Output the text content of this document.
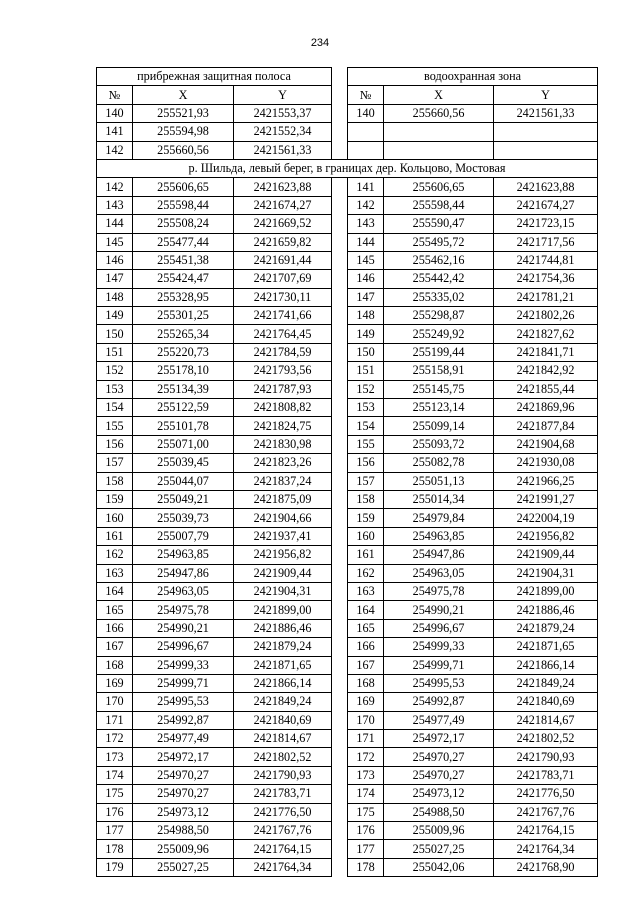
234
прибрежная защитная полоса				водоохранная зона		
№	X	Y		№	X	Y
140	255521,93	2421553,37		140	255660,56	2421561,33
141	255594,98	2421552,34				
142	255660,56	2421561,33				
р. Шильда, левый берег, в границах дер. Кольцово, Мостовая						
142	255606,65	2421623,88		141	255606,65	2421623,88
143	255598,44	2421674,27		142	255598,44	2421674,27
144	255508,24	2421669,52		143	255590,47	2421723,15
145	255477,44	2421659,82		144	255495,72	2421717,56
146	255451,38	2421691,44		145	255462,16	2421744,81
147	255424,47	2421707,69		146	255442,42	2421754,36
148	255328,95	2421730,11		147	255335,02	2421781,21
149	255301,25	2421741,66		148	255298,87	2421802,26
150	255265,34	2421764,45		149	255249,92	2421827,62
151	255220,73	2421784,59		150	255199,44	2421841,71
152	255178,10	2421793,56		151	255158,91	2421842,92
153	255134,39	2421787,93		152	255145,75	2421855,44
154	255122,59	2421808,82		153	255123,14	2421869,96
155	255101,78	2421824,75		154	255099,14	2421877,84
156	255071,00	2421830,98		155	255093,72	2421904,68
157	255039,45	2421823,26		156	255082,78	2421930,08
158	255044,07	2421837,24		157	255051,13	2421966,25
159	255049,21	2421875,09		158	255014,34	2421991,27
160	255039,73	2421904,66		159	254979,84	2422004,19
161	255007,79	2421937,41		160	254963,85	2421956,82
162	254963,85	2421956,82		161	254947,86	2421909,44
163	254947,86	2421909,44		162	254963,05	2421904,31
164	254963,05	2421904,31		163	254975,78	2421899,00
165	254975,78	2421899,00		164	254990,21	2421886,46
166	254990,21	2421886,46		165	254996,67	2421879,24
167	254996,67	2421879,24		166	254999,33	2421871,65
168	254999,33	2421871,65		167	254999,71	2421866,14
169	254999,71	2421866,14		168	254995,53	2421849,24
170	254995,53	2421849,24		169	254992,87	2421840,69
171	254992,87	2421840,69		170	254977,49	2421814,67
172	254977,49	2421814,67		171	254972,17	2421802,52
173	254972,17	2421802,52		172	254970,27	2421790,93
174	254970,27	2421790,93		173	254970,27	2421783,71
175	254970,27	2421783,71		174	254973,12	2421776,50
176	254973,12	2421776,50		175	254988,50	2421767,76
177	254988,50	2421767,76		176	255009,96	2421764,15
178	255009,96	2421764,15		177	255027,25	2421764,34
179	255027,25	2421764,34		178	255042,06	2421768,90
